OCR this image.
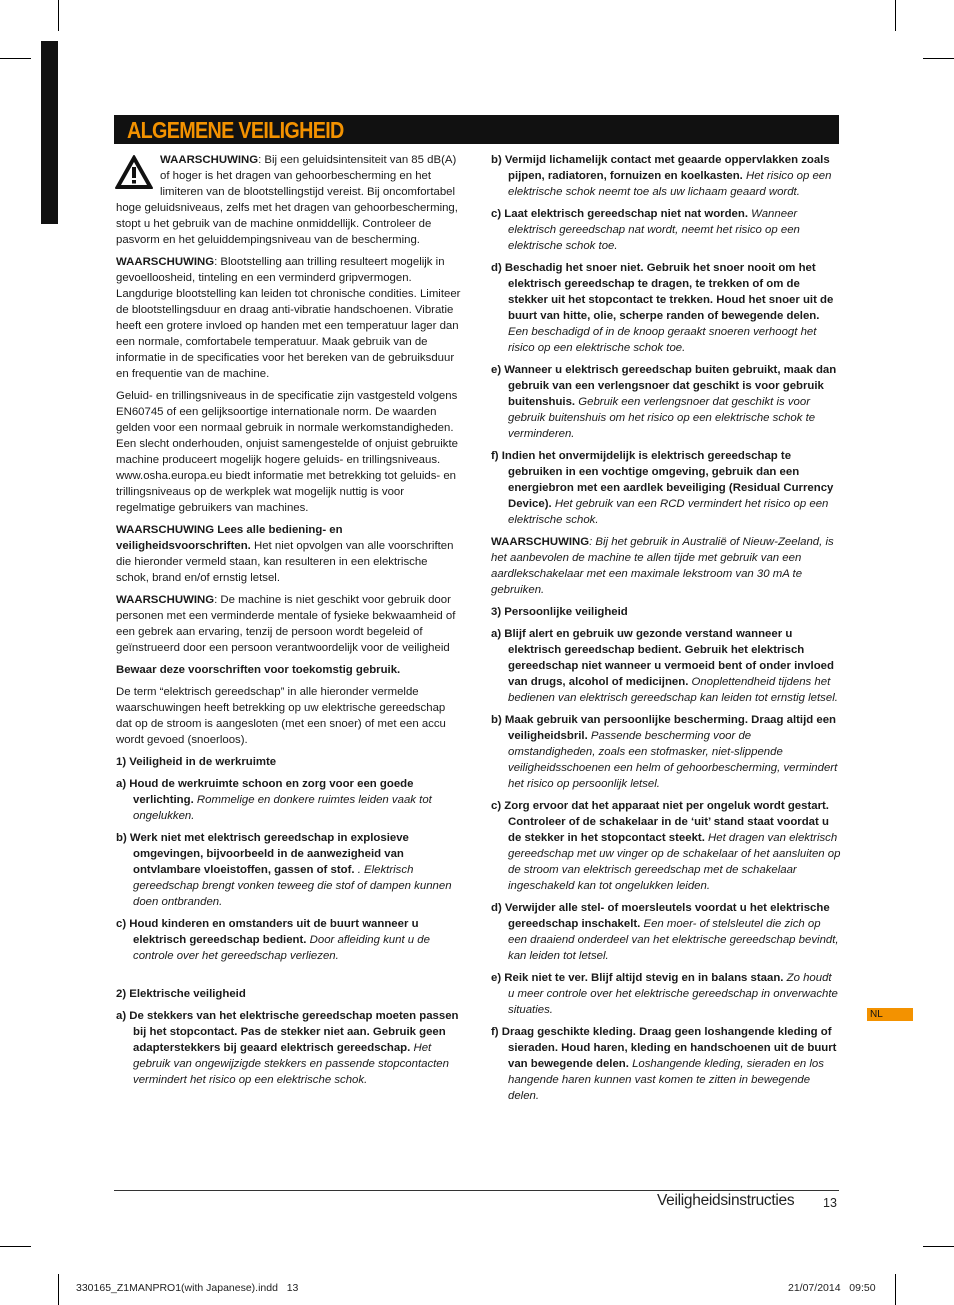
ALGEMENE VEILIGHEID

WAARSCHUWING: Bij een geluidsintensiteit van 85 dB(A) of hoger is het dragen van gehoorbescherming en het limiteren van de blootstellingstijd vereist. Bij oncomfortabel hoge geluidsniveaus, zelfs met het dragen van gehoorbescherming, stopt u het gebruik van de machine onmiddellijk. Controleer de pasvorm en het geluiddempingsniveau van de bescherming.

WAARSCHUWING: Blootstelling aan trilling resulteert mogelijk in gevoelloosheid, tinteling en een verminderd gripvermogen. Langdurige blootstelling kan leiden tot chronische condities. Limiteer de blootstellingsduur en draag anti-vibratie handschoenen. Vibratie heeft een grotere invloed op handen met een temperatuur lager dan een normale, comfortabele temperatuur. Maak gebruik van de informatie in de specificaties voor het bereken van de gebruiksduur en frequentie van de machine.

Geluid- en trillingsniveaus in de specificatie zijn vastgesteld volgens EN60745 of een gelijksoortige internationale norm. De waarden gelden voor een normaal gebruik in normale werkomstandigheden. Een slecht onderhouden, onjuist samengestelde of onjuist gebruikte machine produceert mogelijk hogere geluids- en trillingsniveaus. www.osha.europa.eu biedt informatie met betrekking tot geluids- en trillingsniveaus op de werkplek wat mogelijk nuttig is voor regelmatige gebruikers van machines.

WAARSCHUWING Lees alle bediening- en veiligheidsvoorschriften. Het niet opvolgen van alle voorschriften die hieronder vermeld staan, kan resulteren in een elektrische schok, brand en/of ernstig letsel.

WAARSCHUWING: De machine is niet geschikt voor gebruik door personen met een verminderde mentale of fysieke bekwaamheid of een gebrek aan ervaring, tenzij de persoon wordt begeleid of geïnstrueerd door een persoon verantwoordelijk voor de veiligheid

Bewaar deze voorschriften voor toekomstig gebruik.

De term “elektrisch gereedschap” in alle hieronder vermelde waarschuwingen heeft betrekking op uw elektrische gereedschap dat op de stroom is aangesloten (met een snoer) of met een accu wordt gevoed (snoerloos).

1) Veiligheid in de werkruimte

a) Houd de werkruimte schoon en zorg voor een goede verlichting. Rommelige en donkere ruimtes leiden vaak tot ongelukken.

b) Werk niet met elektrisch gereedschap in explosieve omgevingen, bijvoorbeeld in de aanwezigheid van ontvlambare vloeistoffen, gassen of stof. . Elektrisch gereedschap brengt vonken teweeg die stof of dampen kunnen doen ontbranden.

c) Houd kinderen en omstanders uit de buurt wanneer u elektrisch gereedschap bedient. Door afleiding kunt u de controle over het gereedschap verliezen.

2) Elektrische veiligheid

a) De stekkers van het elektrische gereedschap moeten passen bij het stopcontact. Pas de stekker niet aan. Gebruik geen adapterstekkers bij geaard elektrisch gereedschap. Het gebruik van ongewijzigde stekkers en passende stopcontacten vermindert het risico op een elektrische schok.

b) Vermijd lichamelijk contact met geaarde oppervlakken zoals pijpen, radiatoren, fornuizen en koelkasten. Het risico op een elektrische schok neemt toe als uw lichaam geaard wordt.

c) Laat elektrisch gereedschap niet nat worden. Wanneer elektrisch gereedschap nat wordt, neemt het risico op een elektrische schok toe.

d) Beschadig het snoer niet. Gebruik het snoer nooit om het elektrisch gereedschap te dragen, te trekken of om de stekker uit het stopcontact te trekken. Houd het snoer uit de buurt van hitte, olie, scherpe randen of bewegende delen. Een beschadigd of in de knoop geraakt snoeren verhoogt het risico op een elektrische schok toe.

e) Wanneer u elektrisch gereedschap buiten gebruikt, maak dan gebruik van een verlengsnoer dat geschikt is voor gebruik buitenshuis. Gebruik een verlengsnoer dat geschikt is voor gebruik buitenshuis om het risico op een elektrische schok te verminderen.

f) Indien het onvermijdelijk is elektrisch gereedschap te gebruiken in een vochtige omgeving, gebruik dan een energiebron met een aardlek beveiliging (Residual Currency Device). Het gebruik van een RCD vermindert het risico op een elektrische schok.

WAARSCHUWING: Bij het gebruik in Australië of Nieuw-Zeeland, is het aanbevolen de machine te allen tijde met gebruik van een aardlekschakelaar met een maximale lekstroom van 30 mA te gebruiken.

3) Persoonlijke veiligheid

a) Blijf alert en gebruik uw gezonde verstand wanneer u elektrisch gereedschap bedient. Gebruik het elektrisch gereedschap niet wanneer u vermoeid bent of onder invloed van drugs, alcohol of medicijnen. Onoplettendheid tijdens het bedienen van elektrisch gereedschap kan leiden tot ernstig letsel.

b) Maak gebruik van persoonlijke bescherming. Draag altijd een veiligheidsbril. Passende bescherming voor de omstandigheden, zoals een stofmasker, niet-slippende veiligheidsschoenen een helm of gehoorbescherming, vermindert het risico op persoonlijk letsel.

c) Zorg ervoor dat het apparaat niet per ongeluk wordt gestart. Controleer of de schakelaar in de ‘uit’ stand staat voordat u de stekker in het stopcontact steekt. Het dragen van elektrisch gereedschap met uw vinger op de schakelaar of het aansluiten op de stroom van elektrisch gereedschap met de schakelaar ingeschakeld kan tot ongelukken leiden.

d) Verwijder alle stel- of moersleutels voordat u het elektrische gereedschap inschakelt. Een moer- of stelsleutel die zich op een draaiend onderdeel van het elektrische gereedschap bevindt, kan leiden tot letsel.

e) Reik niet te ver. Blijf altijd stevig en in balans staan. Zo houdt u meer controle over het elektrische gereedschap in onverwachte situaties.

f) Draag geschikte kleding. Draag geen loshangende kleding of sieraden. Houd haren, kleding en handschoenen uit de buurt van bewegende delen. Loshangende kleding, sieraden en los hangende haren kunnen vast komen te zitten in bewegende delen.

NL
Veiligheidsinstructies 13
330165_Z1MANPRO1(with Japanese).indd   13	21/07/2014   09:50
